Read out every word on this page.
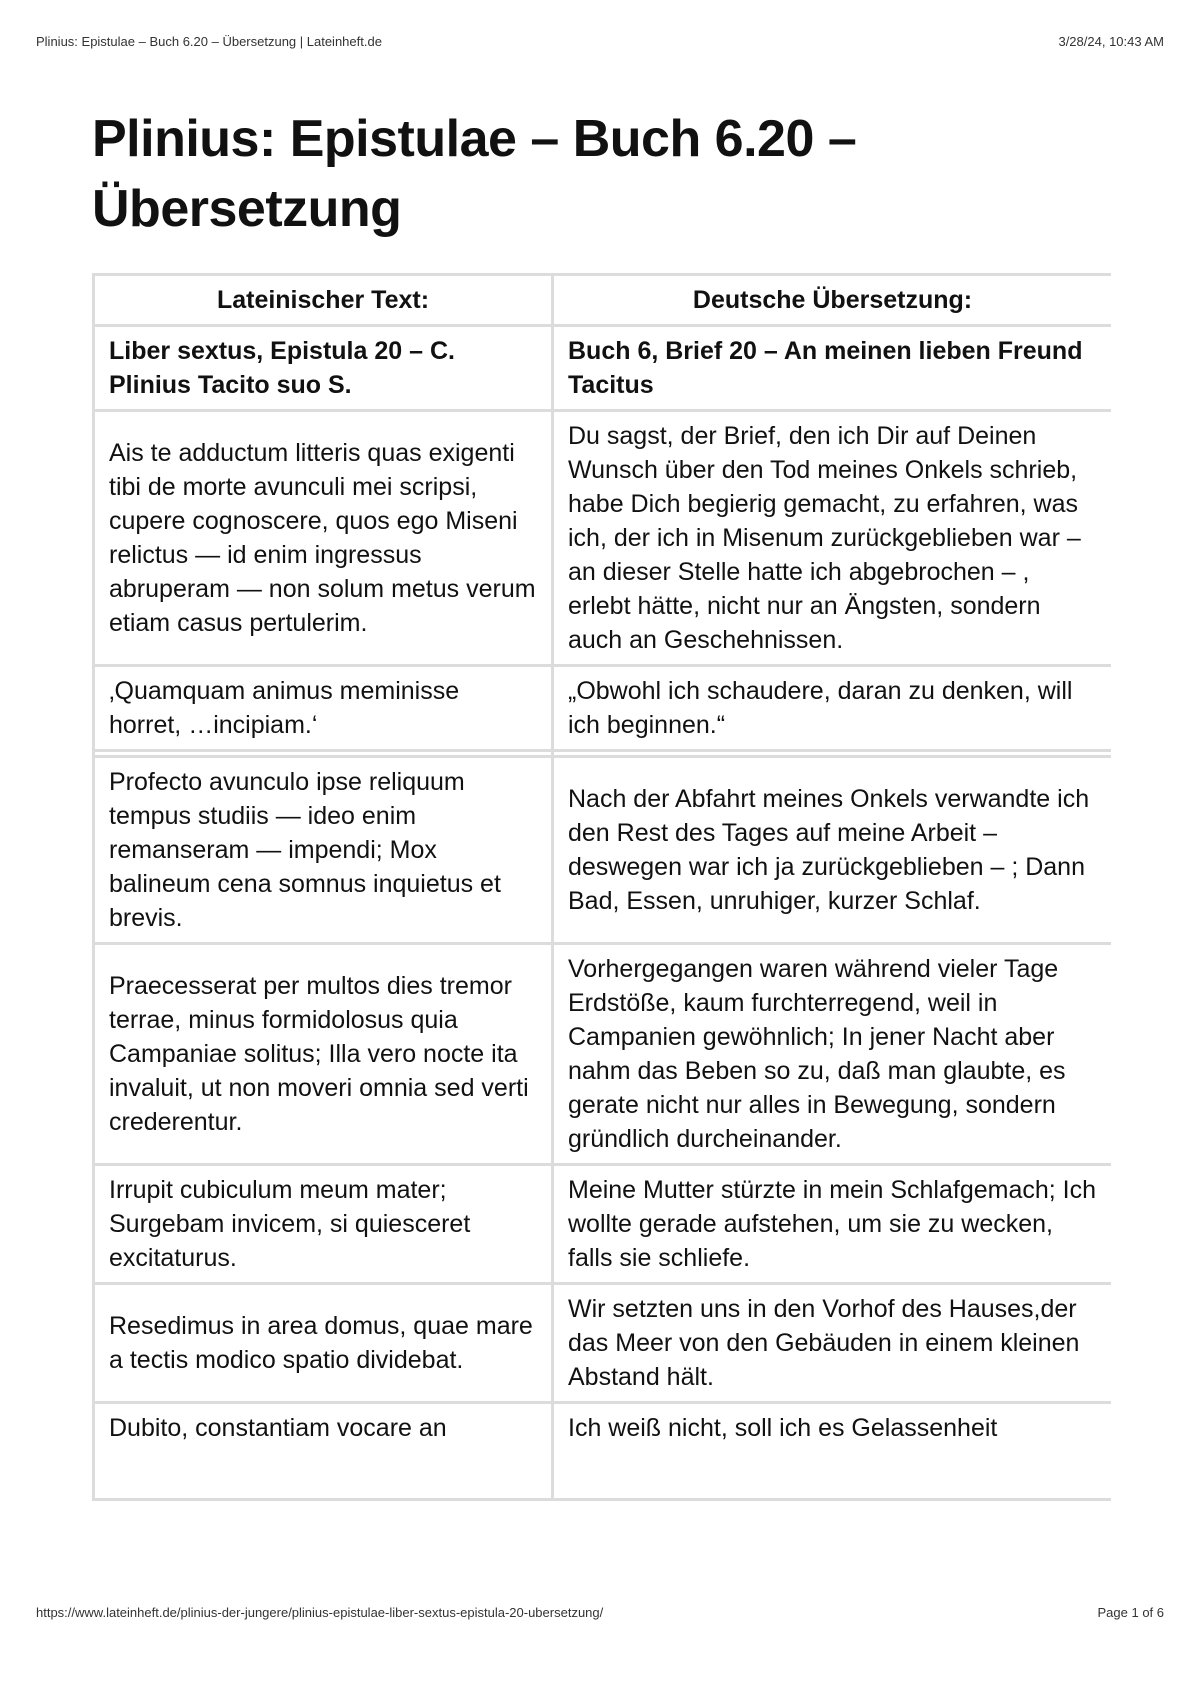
Plinius: Epistulae – Buch 6.20 – Übersetzung | Lateinheft.de	3/28/24, 10:43 AM
Plinius: Epistulae – Buch 6.20 – Übersetzung
Lateinischer Text:	Deutsche Übersetzung:
Liber sextus, Epistula 20 – C. Plinius Tacito suo S.	Buch 6, Brief 20 – An meinen lieben Freund Tacitus
Ais te adductum litteris quas exigenti tibi de morte avunculi mei scripsi, cupere cognoscere, quos ego Miseni relictus — id enim ingressus abruperam — non solum metus verum etiam casus pertulerim.	Du sagst, der Brief, den ich Dir auf Deinen Wunsch über den Tod meines Onkels schrieb, habe Dich begierig gemacht, zu erfahren, was ich, der ich in Misenum zurückgeblieben war – an dieser Stelle hatte ich abgebrochen – , erlebt hätte, nicht nur an Ängsten, sondern auch an Geschehnissen.
‚Quamquam animus meminisse horret, …incipiam.‘	„Obwohl ich schaudere, daran zu denken, will ich beginnen.“

Profecto avunculo ipse reliquum tempus studiis — ideo enim remanseram — impendi; Mox balineum cena somnus inquietus et brevis.	Nach der Abfahrt meines Onkels verwandte ich den Rest des Tages auf meine Arbeit – deswegen war ich ja zurückgeblieben – ; Dann Bad, Essen, unruhiger, kurzer Schlaf.
Praecesserat per multos dies tremor terrae, minus formidolosus quia Campaniae solitus; Illa vero nocte ita invaluit, ut non moveri omnia sed verti crederentur.	Vorhergegangen waren während vieler Tage Erdstöße, kaum furchterregend, weil in Campanien gewöhnlich; In jener Nacht aber nahm das Beben so zu, daß man glaubte, es gerate nicht nur alles in Bewegung, sondern gründlich durcheinander.
Irrupit cubiculum meum mater; Surgebam invicem, si quiesceret excitaturus.	Meine Mutter stürzte in mein Schlafgemach; Ich wollte gerade aufstehen, um sie zu wecken, falls sie schliefe.
Resedimus in area domus, quae mare a tectis modico spatio dividebat.	Wir setzten uns in den Vorhof des Hauses,der das Meer von den Gebäuden in einem kleinen Abstand hält.
Dubito, constantiam vocare an	Ich weiß nicht, soll ich es Gelassenheit
https://www.lateinheft.de/plinius-der-jungere/plinius-epistulae-liber-sextus-epistula-20-ubersetzung/	Page 1 of 6
